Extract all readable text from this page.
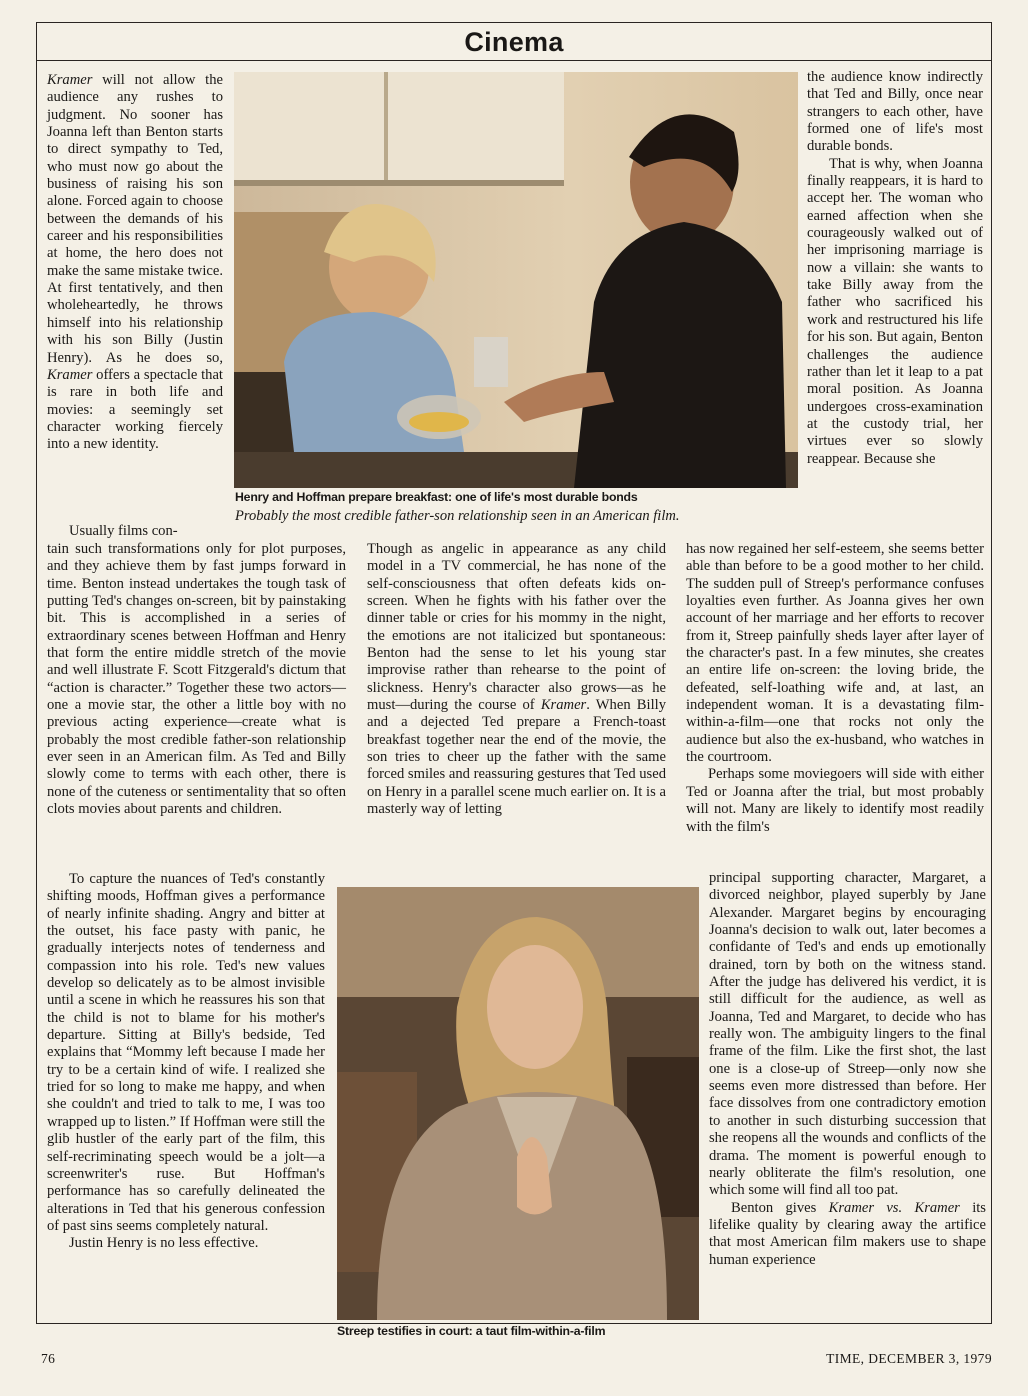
Cinema
Kramer will not allow the audience any rushes to judgment. No sooner has Joanna left than Benton starts to direct sympathy to Ted, who must now go about the business of raising his son alone. Forced again to choose between the demands of his career and his responsibilities at home, the hero does not make the same mistake twice. At first tentatively, and then wholeheartedly, he throws himself into his relationship with his son Billy (Justin Henry). As he does so, Kramer offers a spectacle that is rare in both life and movies: a seemingly set character working fiercely into a new identity.
Usually films con-
Henry and Hoffman prepare breakfast: one of life's most durable bonds
Probably the most credible father-son relationship seen in an American film.
the audience know indirectly that Ted and Billy, once near strangers to each other, have formed one of life's most durable bonds.
That is why, when Joanna finally reappears, it is hard to accept her. The woman who earned affection when she courageously walked out of her imprisoning marriage is now a villain: she wants to take Billy away from the father who sacrificed his work and restructured his life for his son. But again, Benton challenges the audience rather than let it leap to a pat moral position. As Joanna undergoes cross-examination at the custody trial, her virtues ever so slowly reappear. Because she
tain such transformations only for plot purposes, and they achieve them by fast jumps forward in time. Benton instead undertakes the tough task of putting Ted's changes on-screen, bit by painstaking bit. This is accomplished in a series of extraordinary scenes between Hoffman and Henry that form the entire middle stretch of the movie and well illustrate F. Scott Fitzgerald's dictum that “action is character.” Together these two actors—one a movie star, the other a little boy with no previous acting experience—create what is probably the most credible father-son relationship ever seen in an American film. As Ted and Billy slowly come to terms with each other, there is none of the cuteness or sentimentality that so often clots movies about parents and children.
To capture the nuances of Ted's constantly shifting moods, Hoffman gives a performance of nearly infinite shading. Angry and bitter at the outset, his face pasty with panic, he gradually interjects notes of tenderness and compassion into his role. Ted's new values develop so delicately as to be almost invisible until a scene in which he reassures his son that the child is not to blame for his mother's departure. Sitting at Billy's bedside, Ted explains that “Mommy left because I made her try to be a certain kind of wife. I realized she tried for so long to make me happy, and when she couldn't and tried to talk to me, I was too wrapped up to listen.” If Hoffman were still the glib hustler of the early part of the film, this self-recriminating speech would be a jolt—a screenwriter's ruse. But Hoffman's performance has so carefully delineated the alterations in Ted that his generous confession of past sins seems completely natural.
Justin Henry is no less effective.
Though as angelic in appearance as any child model in a TV commercial, he has none of the self-consciousness that often defeats kids on-screen. When he fights with his father over the dinner table or cries for his mommy in the night, the emotions are not italicized but spontaneous: Benton had the sense to let his young star improvise rather than rehearse to the point of slickness. Henry's character also grows—as he must—during the course of Kramer. When Billy and a dejected Ted prepare a French-toast breakfast together near the end of the movie, the son tries to cheer up the father with the same forced smiles and reassuring gestures that Ted used on Henry in a parallel scene much earlier on. It is a masterly way of letting
has now regained her self-esteem, she seems better able than before to be a good mother to her child. The sudden pull of Streep's performance confuses loyalties even further. As Joanna gives her own account of her marriage and her efforts to recover from it, Streep painfully sheds layer after layer of the character's past. In a few minutes, she creates an entire life on-screen: the loving bride, the defeated, self-loathing wife and, at last, an independent woman. It is a devastating film-within-a-film—one that rocks not only the audience but also the ex-husband, who watches in the courtroom.
Perhaps some moviegoers will side with either Ted or Joanna after the trial, but most probably will not. Many are likely to identify most readily with the film's
Streep testifies in court: a taut film-within-a-film
principal supporting character, Margaret, a divorced neighbor, played superbly by Jane Alexander. Margaret begins by encouraging Joanna's decision to walk out, later becomes a confidante of Ted's and ends up emotionally drained, torn by both on the witness stand. After the judge has delivered his verdict, it is still difficult for the audience, as well as Joanna, Ted and Margaret, to decide who has really won. The ambiguity lingers to the final frame of the film. Like the first shot, the last one is a close-up of Streep—only now she seems even more distressed than before. Her face dissolves from one contradictory emotion to another in such disturbing succession that she reopens all the wounds and conflicts of the drama. The moment is powerful enough to nearly obliterate the film's resolution, one which some will find all too pat.
Benton gives Kramer vs. Kramer its lifelike quality by clearing away the artifice that most American film makers use to shape human experience
76	TIME, DECEMBER 3, 1979
